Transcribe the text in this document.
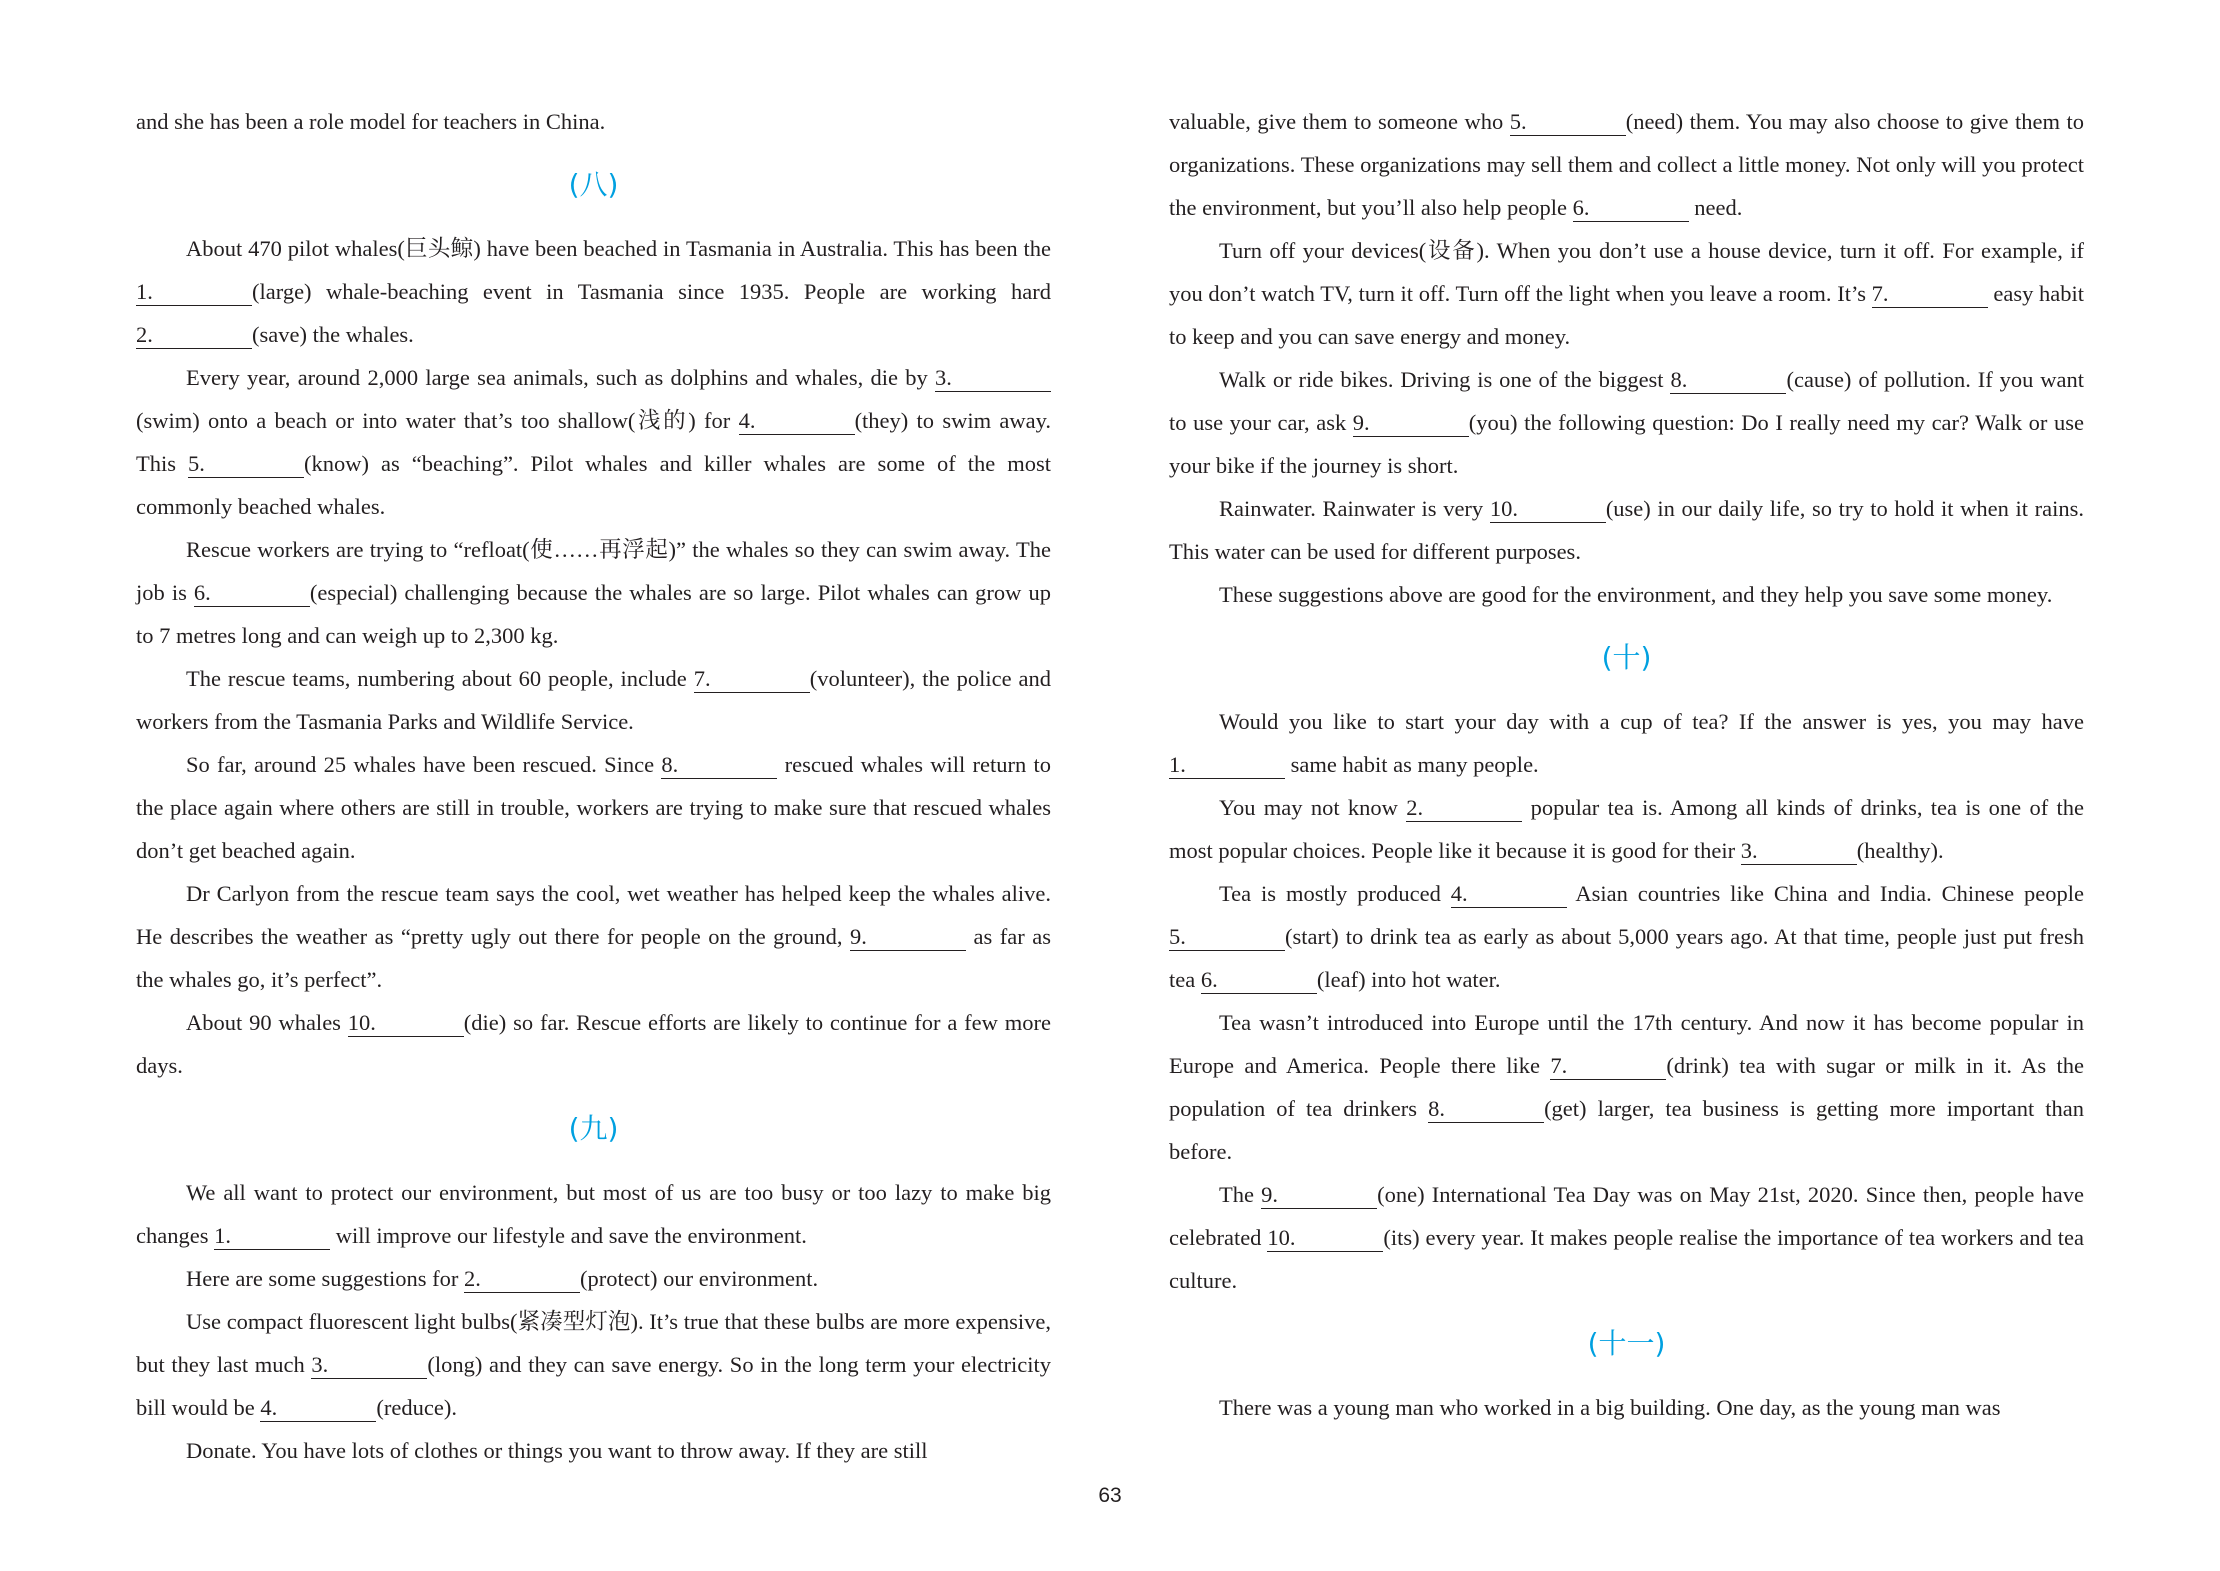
and she has been a role model for teachers in China.

(八)

About 470 pilot whales(巨头鲸) have been beached in Tasmania in Australia. This has been the 1.	(large) whale-beaching event in Tasmania since 1935. People are working hard 2.	(save) the whales.

Every year, around 2,000 large sea animals, such as dolphins and whales, die by 3.(swim) onto a beach or into water that’s too shallow(浅的) for 4.	(they) to swim away. This 5.	(know) as “beaching”. Pilot whales and killer whales are some of the most commonly beached whales.

Rescue workers are trying to “refloat(使……再浮起)” the whales so they can swim away. The job is 6.	(especial) challenging because the whales are so large. Pilot whales can grow up to 7 metres long and can weigh up to 2,300 kg.

The rescue teams, numbering about 60 people, include 7.	(volunteer), the police and workers from the Tasmania Parks and Wildlife Service.

So far, around 25 whales have been rescued. Since 8.	rescued whales will return to the place again where others are still in trouble, workers are trying to make sure that rescued whales don’t get beached again.

Dr Carlyon from the rescue team says the cool, wet weather has helped keep the whales alive. He describes the weather as “pretty ugly out there for people on the ground, 9.	as far as the whales go, it’s perfect”.

About 90 whales 10.	(die) so far. Rescue efforts are likely to continue for a few more days.

(九)

We all want to protect our environment, but most of us are too busy or too lazy to make big changes 1.	will improve our lifestyle and save the environment.

Here are some suggestions for 2.	(protect) our environment.

Use compact fluorescent light bulbs(紧凑型灯泡). It’s true that these bulbs are more expensive, but they last much 3.	(long) and they can save energy. So in the long term your electricity bill would be 4.	(reduce).

Donate. You have lots of clothes or things you want to throw away. If they are still

valuable, give them to someone who 5.	(need) them. You may also choose to give them to organizations. These organizations may sell them and collect a little money. Not only will you protect the environment, but you’ll also help people 6.	need.

Turn off your devices(设备). When you don’t use a house device, turn it off. For example, if you don’t watch TV, turn it off. Turn off the light when you leave a room. It’s 7.	easy habit to keep and you can save energy and money.

Walk or ride bikes. Driving is one of the biggest 8.	(cause) of pollution. If you want to use your car, ask 9.	(you) the following question: Do I really need my car? Walk or use your bike if the journey is short.

Rainwater. Rainwater is very 10.	(use) in our daily life, so try to hold it when it rains. This water can be used for different purposes.

These suggestions above are good for the environment, and they help you save some money.

(十)

Would you like to start your day with a cup of tea? If the answer is yes, you may have 1.	same habit as many people.

You may not know 2.	popular tea is. Among all kinds of drinks, tea is one of the most popular choices. People like it because it is good for their 3.	(healthy).

Tea is mostly produced 4.	Asian countries like China and India. Chinese people 5.	(start) to drink tea as early as about 5,000 years ago. At that time, people just put fresh tea 6.	(leaf) into hot water.

Tea wasn’t introduced into Europe until the 17th century. And now it has become popular in Europe and America. People there like 7.	(drink) tea with sugar or milk in it. As the population of tea drinkers 8.	(get) larger, tea business is getting more important than before.

The 9.	(one) International Tea Day was on May 21st, 2020. Since then, people have celebrated 10.	(its) every year. It makes people realise the importance of tea workers and tea culture.

(十一)

There was a young man who worked in a big building. One day, as the young man was

63
